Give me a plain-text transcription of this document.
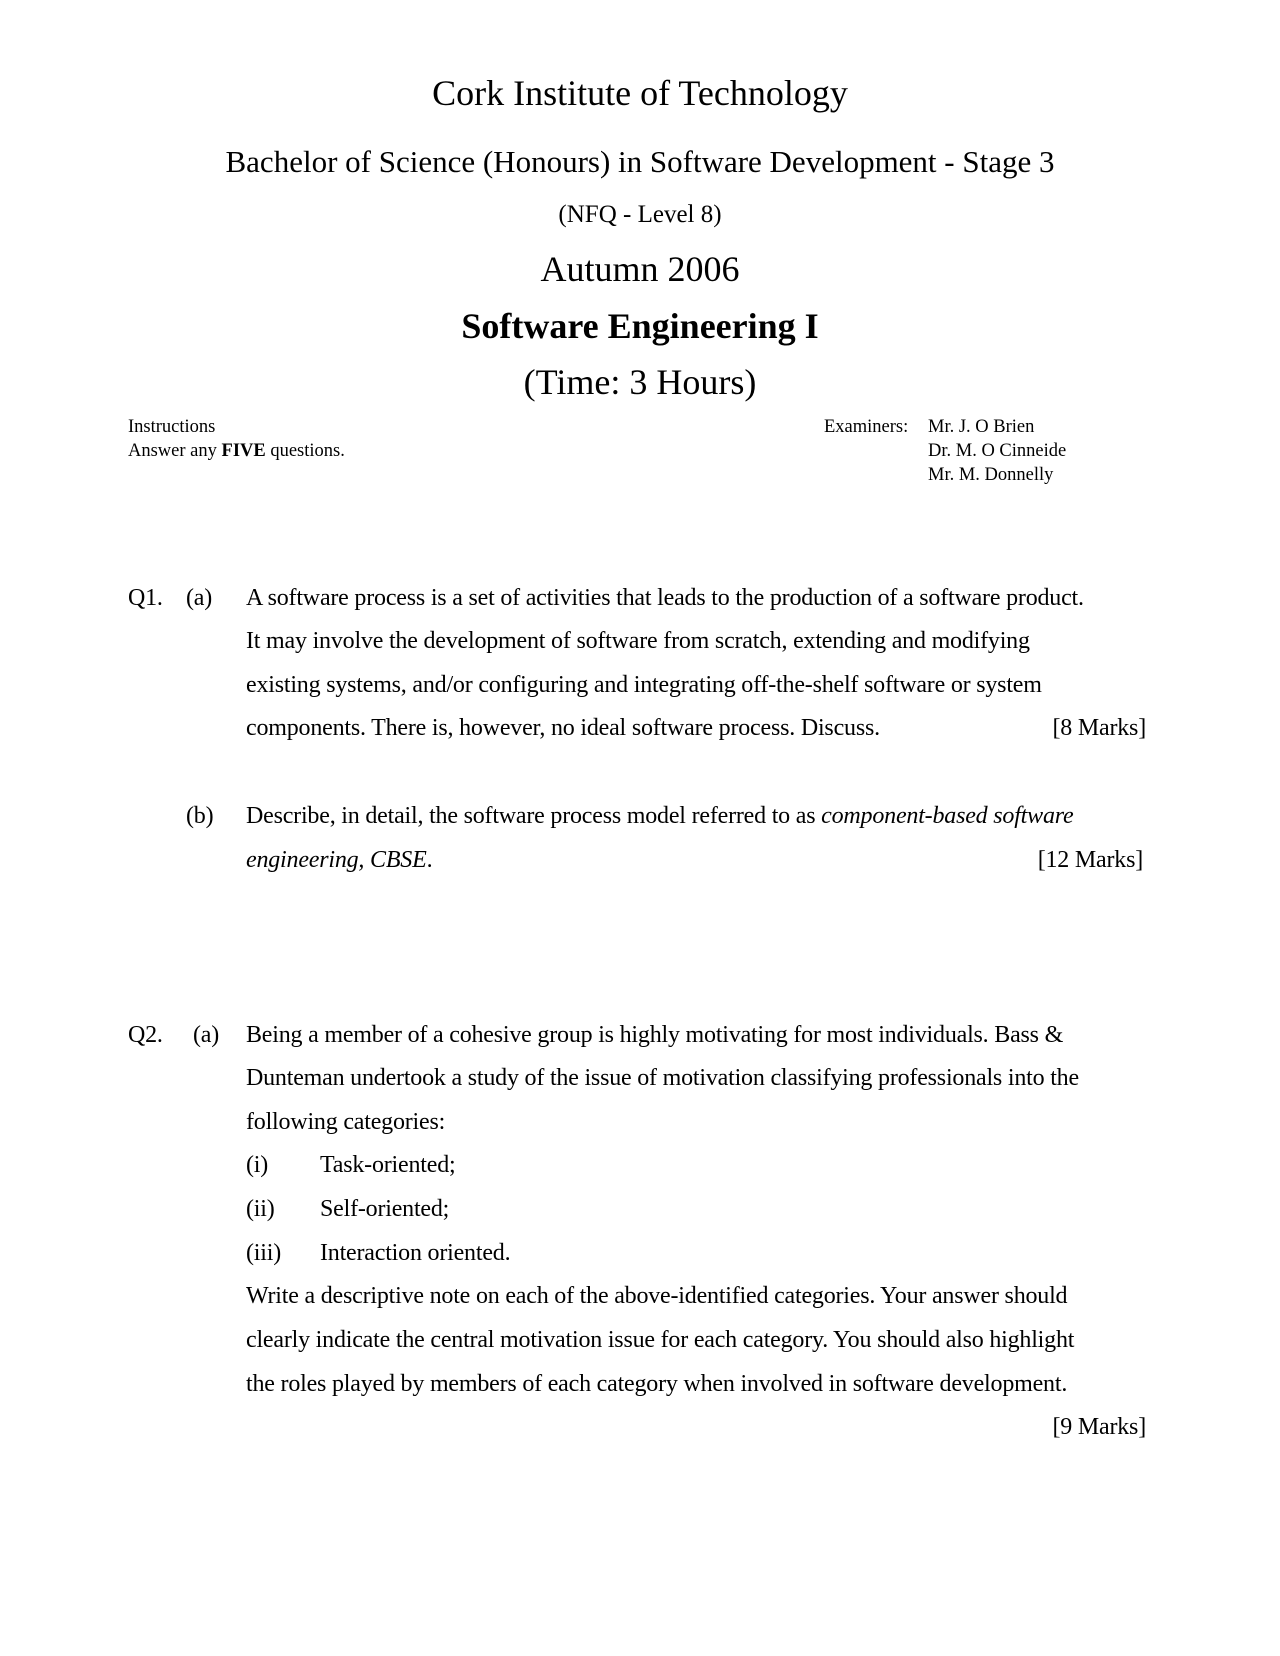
Cork Institute of Technology
Bachelor of Science (Honours) in Software Development - Stage 3
(NFQ - Level 8)
Autumn 2006
Software Engineering I
(Time: 3 Hours)
Instructions
Answer any FIVE questions.
Examiners: Mr. J. O Brien
Dr. M. O Cinneide
Mr. M. Donnelly
Q1. (a) A software process is a set of activities that leads to the production of a software product.
It may involve the development of software from scratch, extending and modifying
existing systems, and/or configuring and integrating off-the-shelf software or system
components. There is, however, no ideal software process. Discuss.	[8 Marks]
(b) Describe, in detail, the software process model referred to as component-based software
engineering, CBSE.	[12 Marks]
Q2. (a) Being a member of a cohesive group is highly motivating for most individuals. Bass &
Dunteman undertook a study of the issue of motivation classifying professionals into the
following categories:
(i) Task-oriented;
(ii) Self-oriented;
(iii) Interaction oriented.
Write a descriptive note on each of the above-identified categories. Your answer should
clearly indicate the central motivation issue for each category. You should also highlight
the roles played by members of each category when involved in software development.
[9 Marks]
